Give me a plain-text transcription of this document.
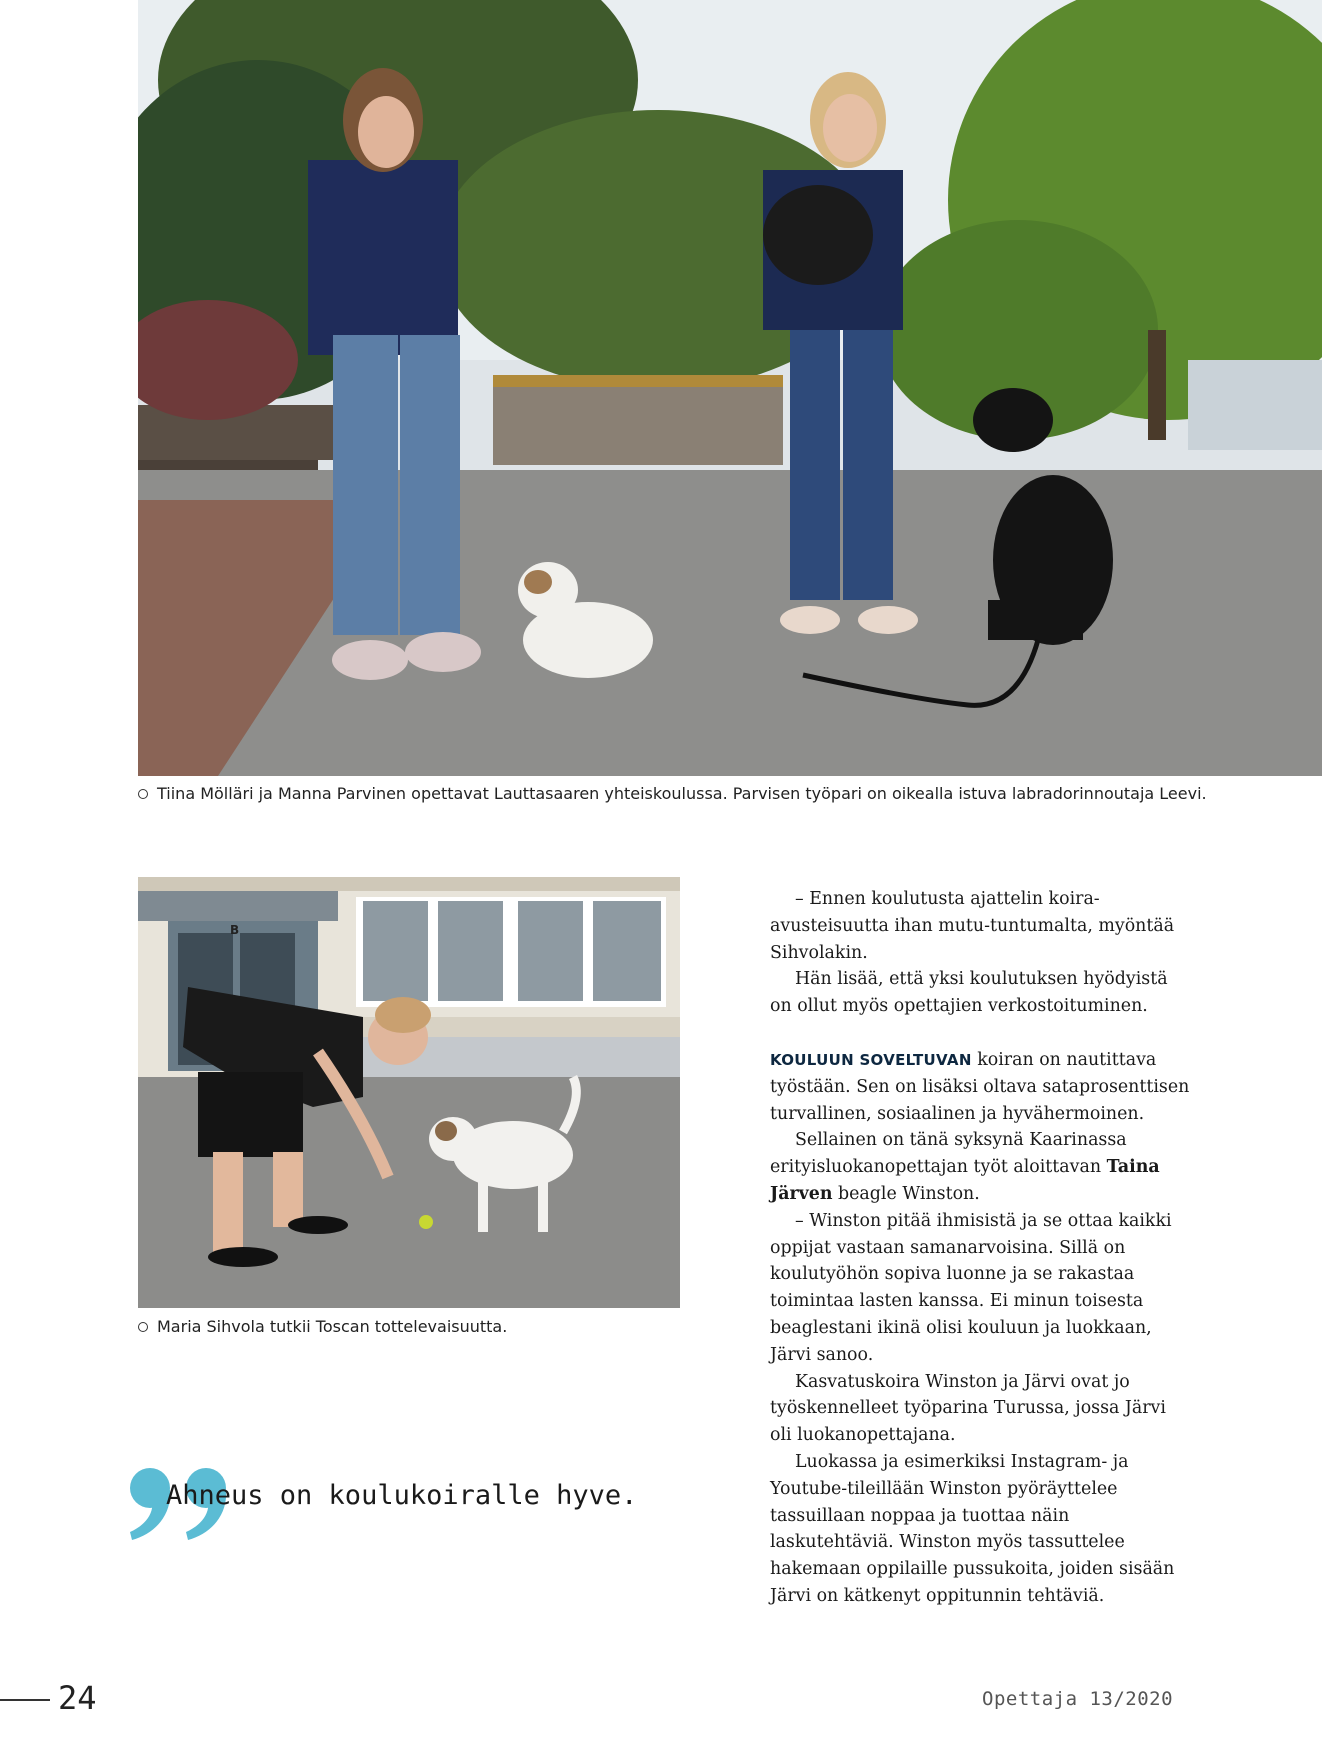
Tiina Mölläri ja Manna Parvinen opettavat Lauttasaaren yhteiskoulussa. Parvisen työpari on oikealla istuva labradorinnoutaja Leevi.
B
Maria Sihvola tutkii Toscan tottelevaisuutta.

– Ennen koulutusta ajattelin koira-avusteisuutta ihan mutu-tuntumalta, myöntää Sihvolakin.

Hän lisää, että yksi koulutuksen hyödyistä on ollut myös opettajien verkostoituminen.

KOULUUN SOVELTUVAN koiran on nautittava työstään. Sen on lisäksi oltava sataprosenttisen turvallinen, sosiaalinen ja hyvähermoinen.

Sellainen on tänä syksynä Kaarinassa erityisluokanopettajan työt aloittavan Taina Järven beagle Winston.

– Winston pitää ihmisistä ja se ottaa kaikki oppijat vastaan samanarvoisina. Sillä on koulutyöhön sopiva luonne ja se rakastaa toimintaa lasten kanssa. Ei minun toisesta beaglestani ikinä olisi kouluun ja luokkaan, Järvi sanoo.

Kasvatuskoira Winston ja Järvi ovat jo työskennelleet työparina Turussa, jossa Järvi oli luokanopettajana.

Luokassa ja esimerkiksi Instagram- ja Youtube-tileillään Winston pyöräyttelee tassuillaan noppaa ja tuottaa näin laskutehtäviä. Winston myös tassuttelee hakemaan oppilaille pussukoita, joiden sisään Järvi on kätkenyt oppitunnin tehtäviä.

Ahneus on koulukoiralle hyve.
24	Opettaja 13/2020
